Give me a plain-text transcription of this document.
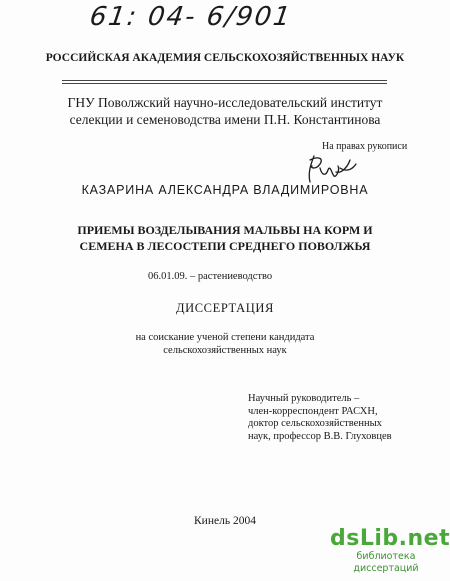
61: 04- 6/901
РОССИЙСКАЯ АКАДЕМИЯ СЕЛЬСКОХОЗЯЙСТВЕННЫХ НАУК
ГНУ Поволжский научно-исследовательский институт
селекции и семеноводства имени П.Н. Константинова
На правах рукописи
КАЗАРИНА АЛЕКСАНДРА ВЛАДИМИРОВНА
ПРИЕМЫ ВОЗДЕЛЫВАНИЯ МАЛЬВЫ НА КОРМ И
СЕМЕНА В ЛЕСОСТЕПИ СРЕДНЕГО ПОВОЛЖЬЯ
06.01.09. – растениеводство
ДИССЕРТАЦИЯ
на соискание ученой степени кандидата
сельскохозяйственных наук
Научный руководитель –
член-корреспондент РАСХН,
доктор сельскохозяйственных
наук, профессор В.В. Глуховцев
Кинель 2004
dsLib.net
библиотека диссертаций
